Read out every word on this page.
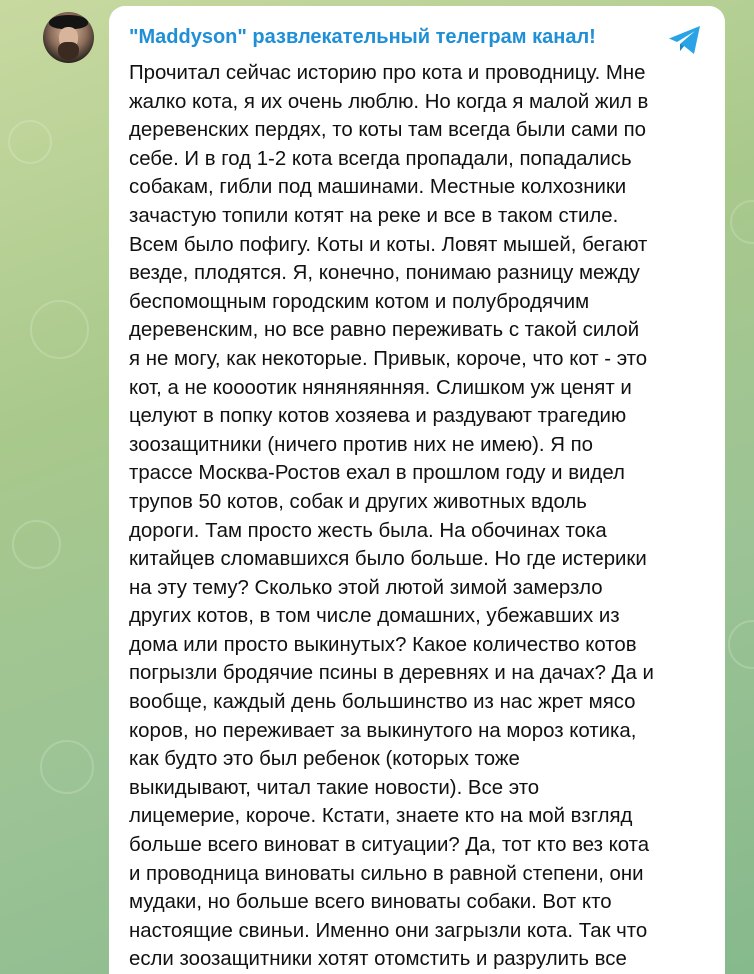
"Maddyson" развлекательный телеграм канал!

Прочитал сейчас историю про кота и проводницу. Мне
жалко кота, я их очень люблю. Но когда я малой жил в
деревенских пердях, то коты там всегда были сами по
себе. И в год 1-2 кота всегда пропадали, попадались
собакам, гибли под машинами. Местные колхозники
зачастую топили котят на реке и все в таком стиле.
Всем было пофигу. Коты и коты. Ловят мышей, бегают
везде, плодятся. Я, конечно, понимаю разницу между
беспомощным городским котом и полубродячим
деревенским, но все равно переживать с такой силой
я не могу, как некоторые. Привык, короче, что кот - это
кот, а не коооотик няняняянняя. Слишком уж ценят и
целуют в попку котов хозяева и раздувают трагедию
зоозащитники (ничего против них не имею). Я по
трассе Москва-Ростов ехал в прошлом году и видел
трупов 50 котов, собак и других животных вдоль
дороги. Там просто жесть была. На обочинах тока
китайцев сломавшихся было больше. Но где истерики
на эту тему? Сколько этой лютой зимой замерзло
других котов, в том числе домашних, убежавших из
дома или просто выкинутых? Какое количество котов
погрызли бродячие псины в деревнях и на дачах? Да и
вообще, каждый день большинство из нас жрет мясо
коров, но переживает за выкинутого на мороз котика,
как будто это был ребенок (которых тоже
выкидывают, читал такие новости). Все это
лицемерие, короче. Кстати, знаете кто на мой взгляд
больше всего виноват в ситуации? Да, тот кто вез кота
и проводница виноваты сильно в равной степени, они
мудаки, но больше всего виноваты собаки. Вот кто
настоящие свиньи. Именно они загрызли кота. Так что
если зоозащитники хотят отомстить и разрулить все
